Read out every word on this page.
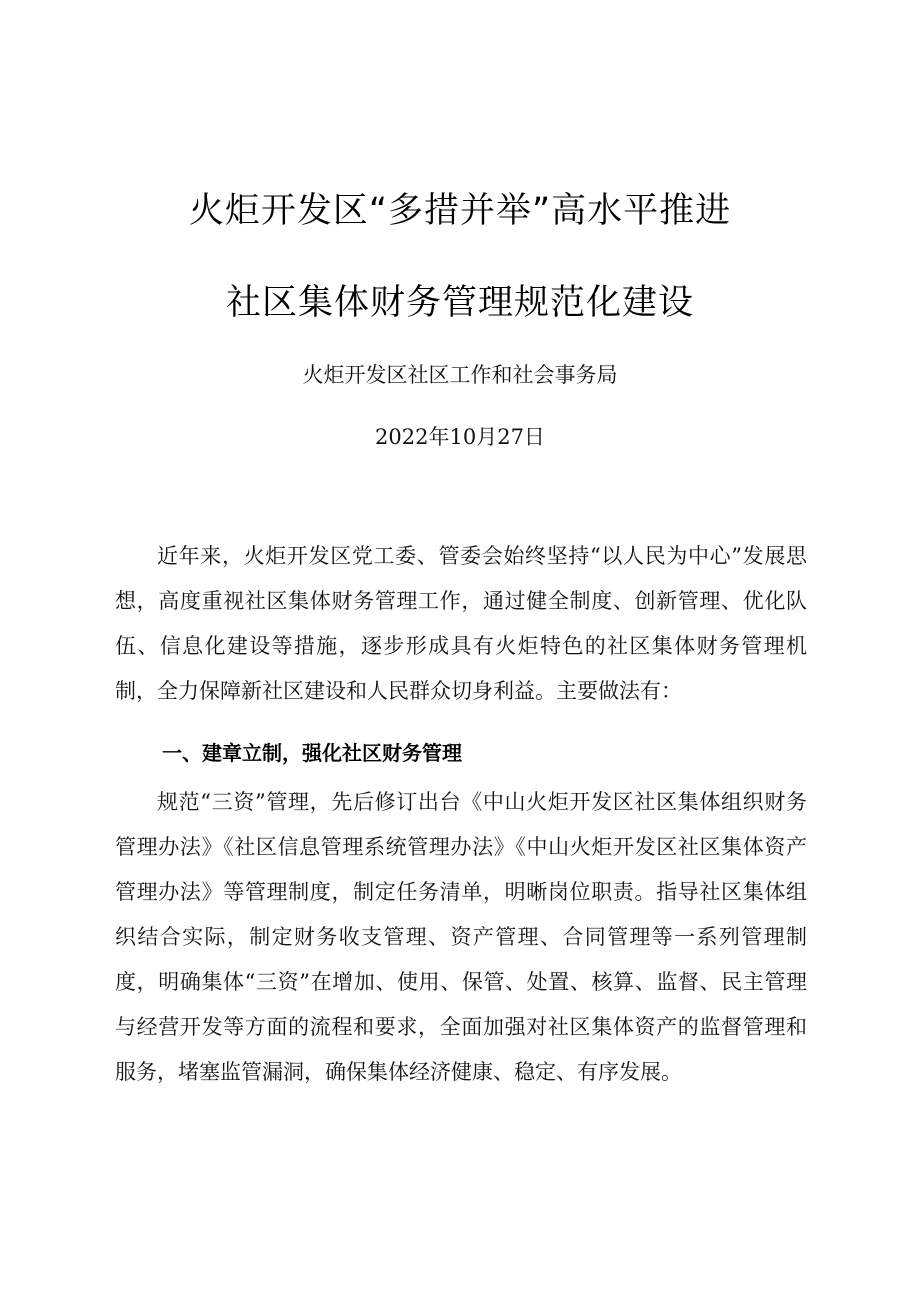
火炬开发区“多措并举”高水平推进
社区集体财务管理规范化建设
火炬开发区社区工作和社会事务局
2022年10月27日

近年来，火炬开发区党工委、管委会始终坚持“以人民为中心”发展思想，高度重视社区集体财务管理工作，通过健全制度、创新管理、优化队伍、信息化建设等措施，逐步形成具有火炬特色的社区集体财务管理机制，全力保障新社区建设和人民群众切身利益。主要做法有：

一、建章立制，强化社区财务管理

规范“三资”管理，先后修订出台《中山火炬开发区社区集体组织财务管理办法》《社区信息管理系统管理办法》《中山火炬开发区社区集体资产管理办法》等管理制度，制定任务清单，明晰岗位职责。指导社区集体组织结合实际，制定财务收支管理、资产管理、合同管理等一系列管理制度，明确集体“三资”在增加、使用、保管、处置、核算、监督、民主管理与经营开发等方面的流程和要求，全面加强对社区集体资产的监督管理和服务，堵塞监管漏洞，确保集体经济健康、稳定、有序发展。
